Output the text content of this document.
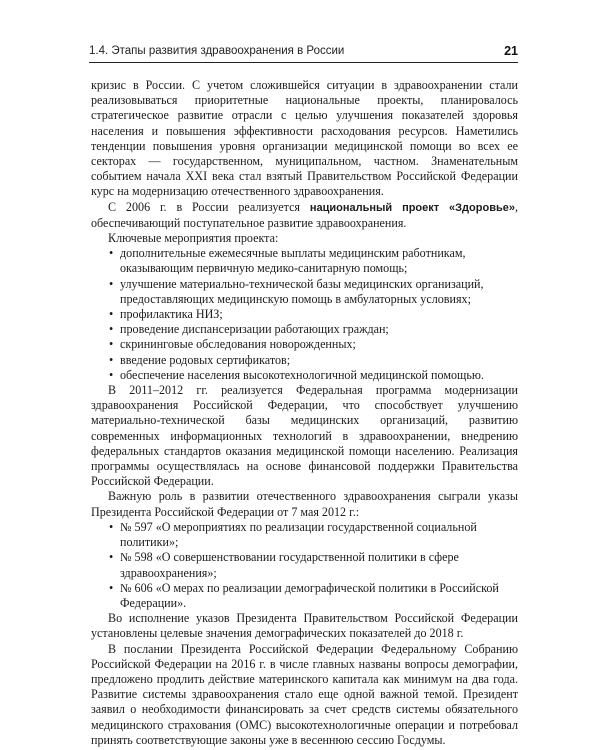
1.4. Этапы развития здравоохранения в России	21

кризис в России. С учетом сложившейся ситуации в здравоохранении стали реализовываться приоритетные национальные проекты, планировалось стратегическое развитие отрасли с целью улучшения показателей здоровья населения и повышения эффективности расходования ресурсов. Наметились тенденции повышения уровня организации медицинской помощи во всех ее секторах — государственном, муниципальном, частном. Знаменательным событием начала XXI века стал взятый Правительством Российской Федерации курс на модернизацию отечественного здравоохранения.

С 2006 г. в России реализуется национальный проект «Здоровье», обеспечивающий поступательное развитие здравоохранения.

Ключевые мероприятия проекта:

• дополнительные ежемесячные выплаты медицинским работникам, оказывающим первичную медико-санитарную помощь;
• улучшение материально-технической базы медицинских организаций, предоставляющих медицинскую помощь в амбулаторных условиях;
• профилактика НИЗ;
• проведение диспансеризации работающих граждан;
• скрининговые обследования новорожденных;
• введение родовых сертификатов;
• обеспечение населения высокотехнологичной медицинской помощью.

В 2011–2012 гг. реализуется Федеральная программа модернизации здравоохранения Российской Федерации, что способствует улучшению материально-технической базы медицинских организаций, развитию современных информационных технологий в здравоохранении, внедрению федеральных стандартов оказания медицинской помощи населению. Реализация программы осуществлялась на основе финансовой поддержки Правительства Российской Федерации.

Важную роль в развитии отечественного здравоохранения сыграли указы Президента Российской Федерации от 7 мая 2012 г.:

• № 597 «О мероприятиях по реализации государственной социальной политики»;
• № 598 «О совершенствовании государственной политики в сфере здравоохранения»;
• № 606 «О мерах по реализации демографической политики в Российской Федерации».

Во исполнение указов Президента Правительством Российской Федерации установлены целевые значения демографических показателей до 2018 г.

В послании Президента Российской Федерации Федеральному Собранию Российской Федерации на 2016 г. в числе главных названы вопросы демографии, предложено продлить действие материнского капитала как минимум на два года. Развитие системы здравоохранения стало еще одной важной темой. Президент заявил о необходимости финансировать за счет средств системы обязательного медицинского страхования (ОМС) высокотехнологичные операции и потребовал принять соответствующие законы уже в весеннюю сессию Госдумы.
